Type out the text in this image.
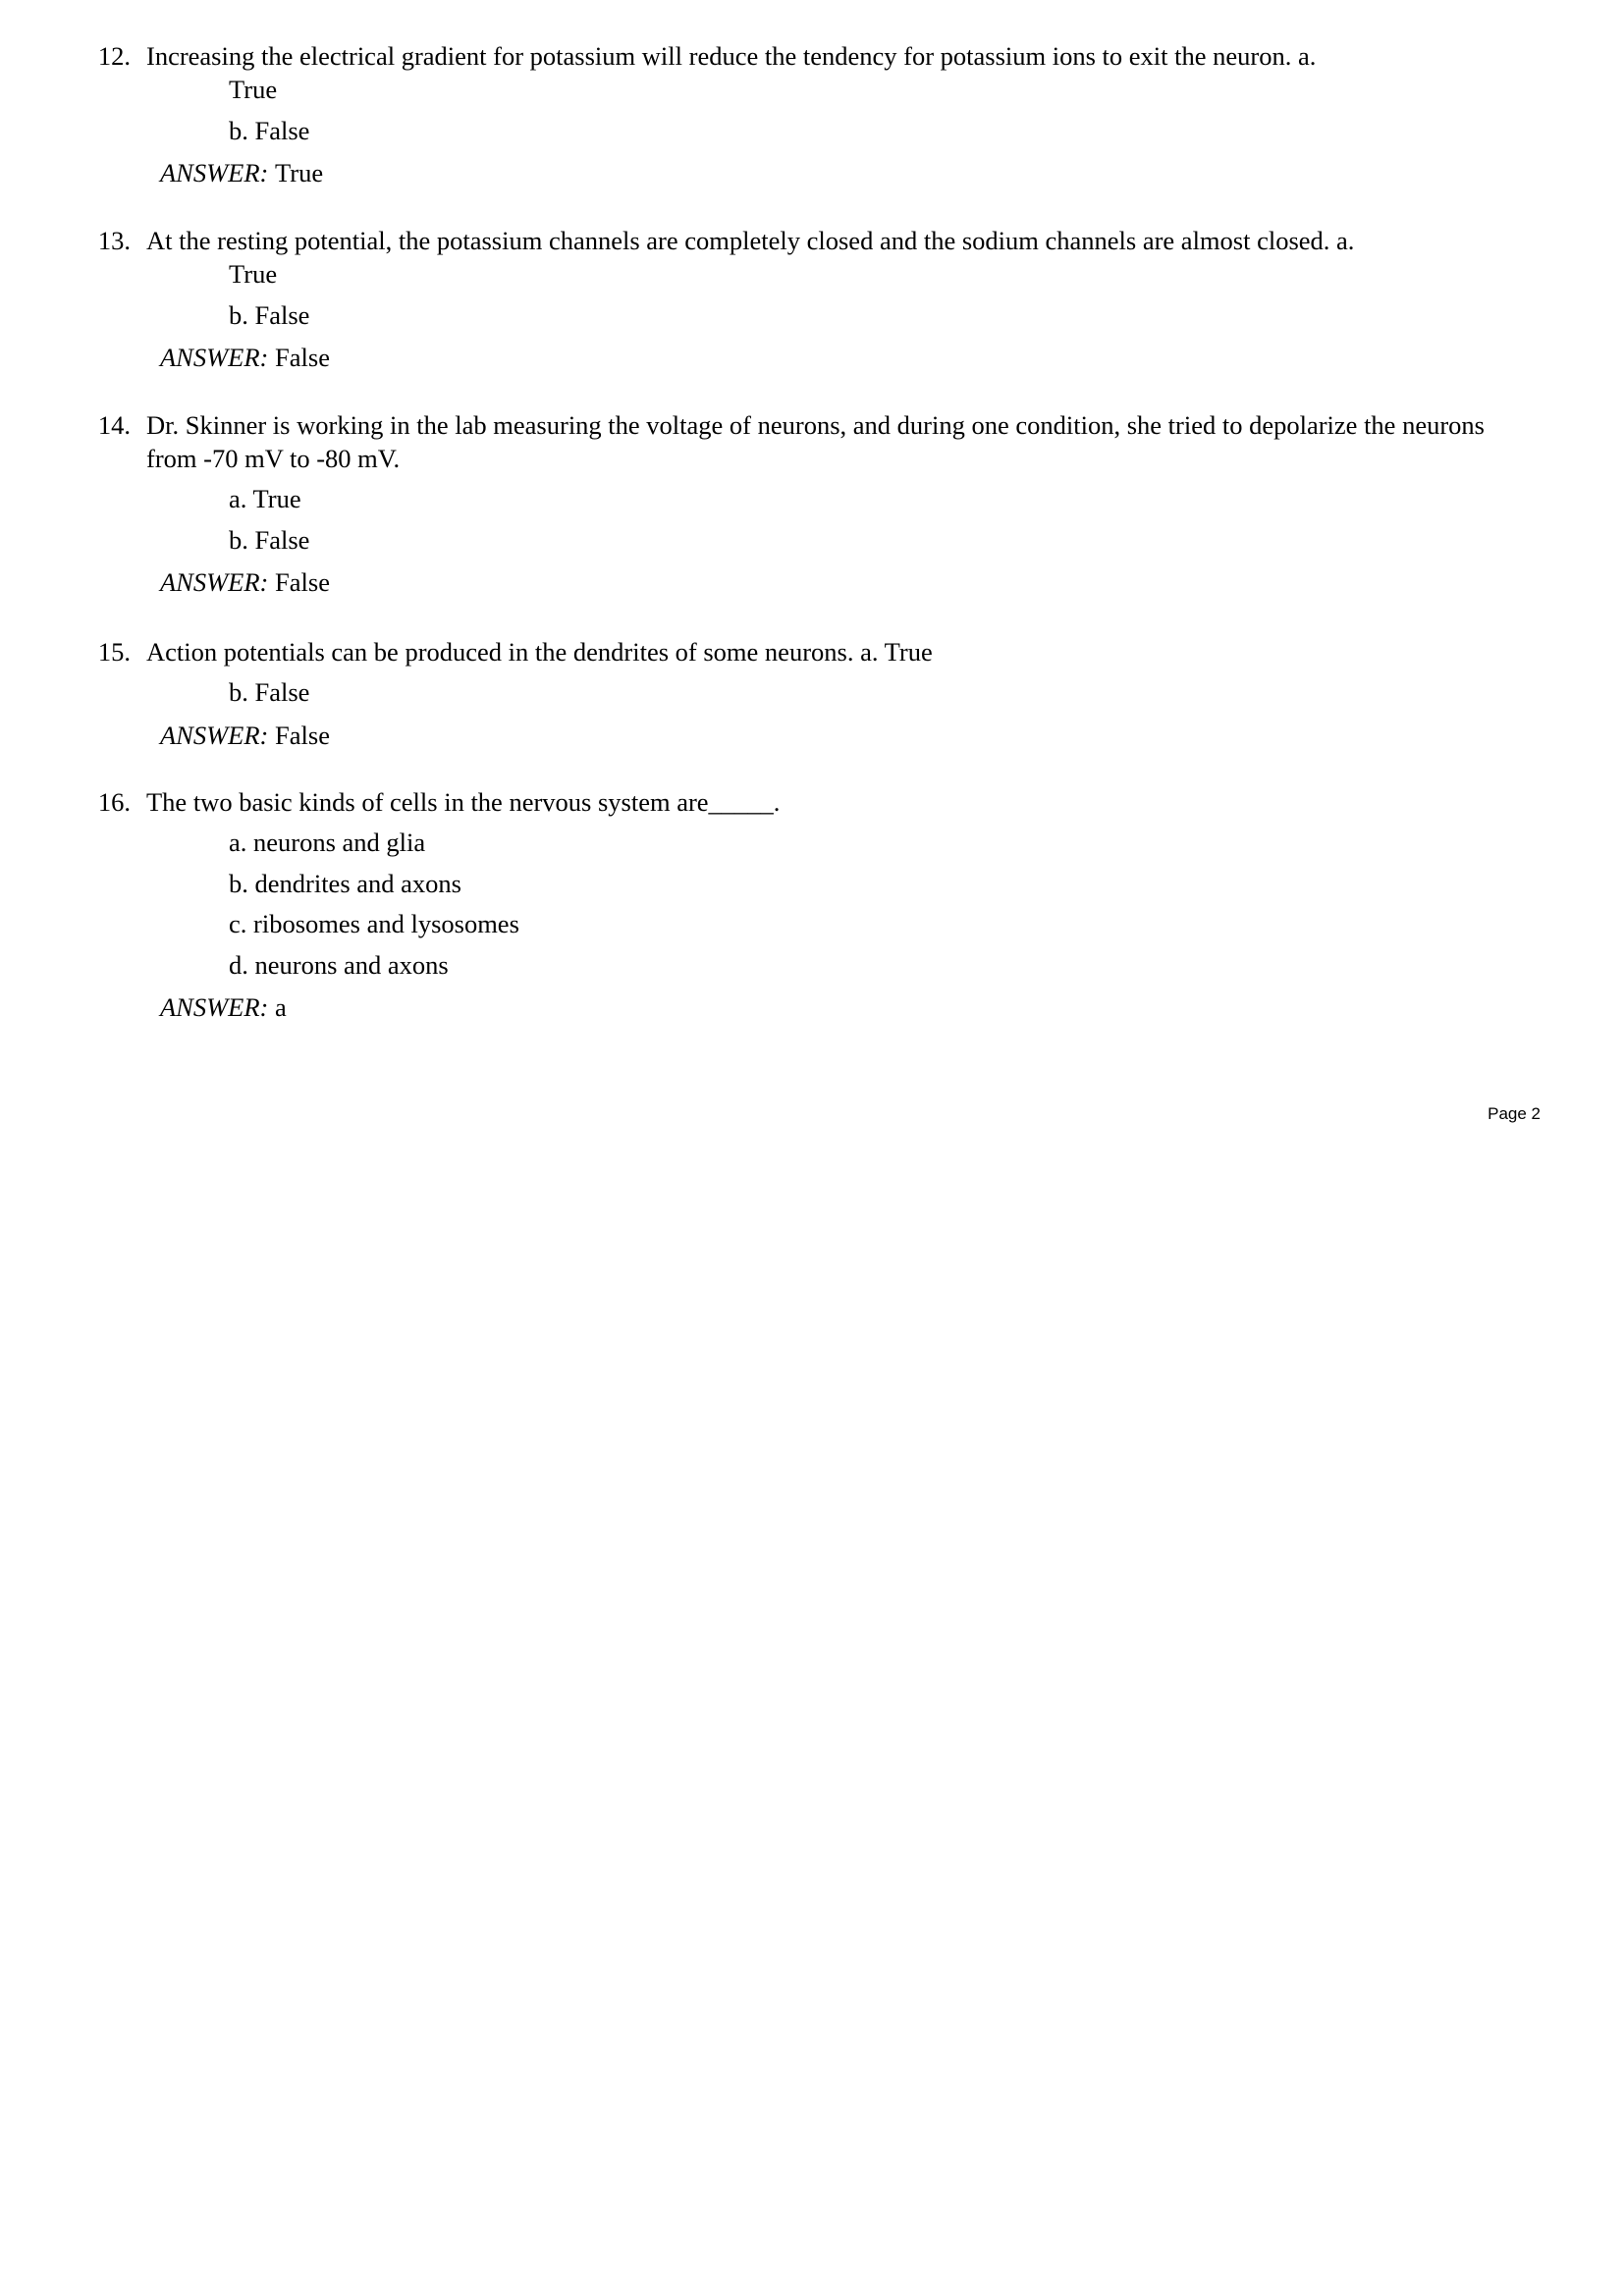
12. Increasing the electrical gradient for potassium will reduce the tendency for potassium ions to exit the neuron. a.
True
b. False
ANSWER: True
13. At the resting potential, the potassium channels are completely closed and the sodium channels are almost closed. a.
True
b. False
ANSWER: False
14. Dr. Skinner is working in the lab measuring the voltage of neurons, and during one condition, she tried to depolarize the neurons from -70 mV to -80 mV.
a. True
b. False
ANSWER: False
15. Action potentials can be produced in the dendrites of some neurons. a. True
b. False
ANSWER: False
16. The two basic kinds of cells in the nervous system are_____.
a. neurons and glia
b. dendrites and axons
c. ribosomes and lysosomes
d. neurons and axons
ANSWER: a
Page 2
